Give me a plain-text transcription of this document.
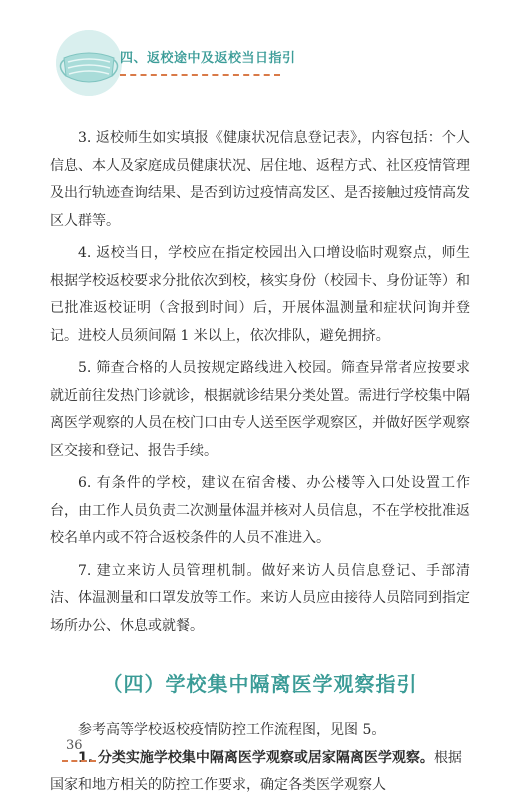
四、返校途中及返校当日指引

3. 返校师生如实填报《健康状况信息登记表》，内容包括：个人信息、本人及家庭成员健康状况、居住地、返程方式、社区疫情管理及出行轨迹查询结果、是否到访过疫情高发区、是否接触过疫情高发区人群等。

4. 返校当日，学校应在指定校园出入口增设临时观察点，师生根据学校返校要求分批依次到校，核实身份（校园卡、身份证等）和已批准返校证明（含报到时间）后，开展体温测量和症状问询并登记。进校人员须间隔 1 米以上，依次排队，避免拥挤。

5. 筛查合格的人员按规定路线进入校园。筛查异常者应按要求就近前往发热门诊就诊，根据就诊结果分类处置。需进行学校集中隔离医学观察的人员在校门口由专人送至医学观察区，并做好医学观察区交接和登记、报告手续。

6. 有条件的学校，建议在宿舍楼、办公楼等入口处设置工作台，由工作人员负责二次测量体温并核对人员信息，不在学校批准返校名单内或不符合返校条件的人员不准进入。

7. 建立来访人员管理机制。做好来访人员信息登记、手部清洁、体温测量和口罩发放等工作。来访人员应由接待人员陪同到指定场所办公、休息或就餐。

（四）学校集中隔离医学观察指引

参考高等学校返校疫情防控工作流程图，见图 5。

1. 分类实施学校集中隔离医学观察或居家隔离医学观察。根据国家和地方相关的防控工作要求，确定各类医学观察人

36
